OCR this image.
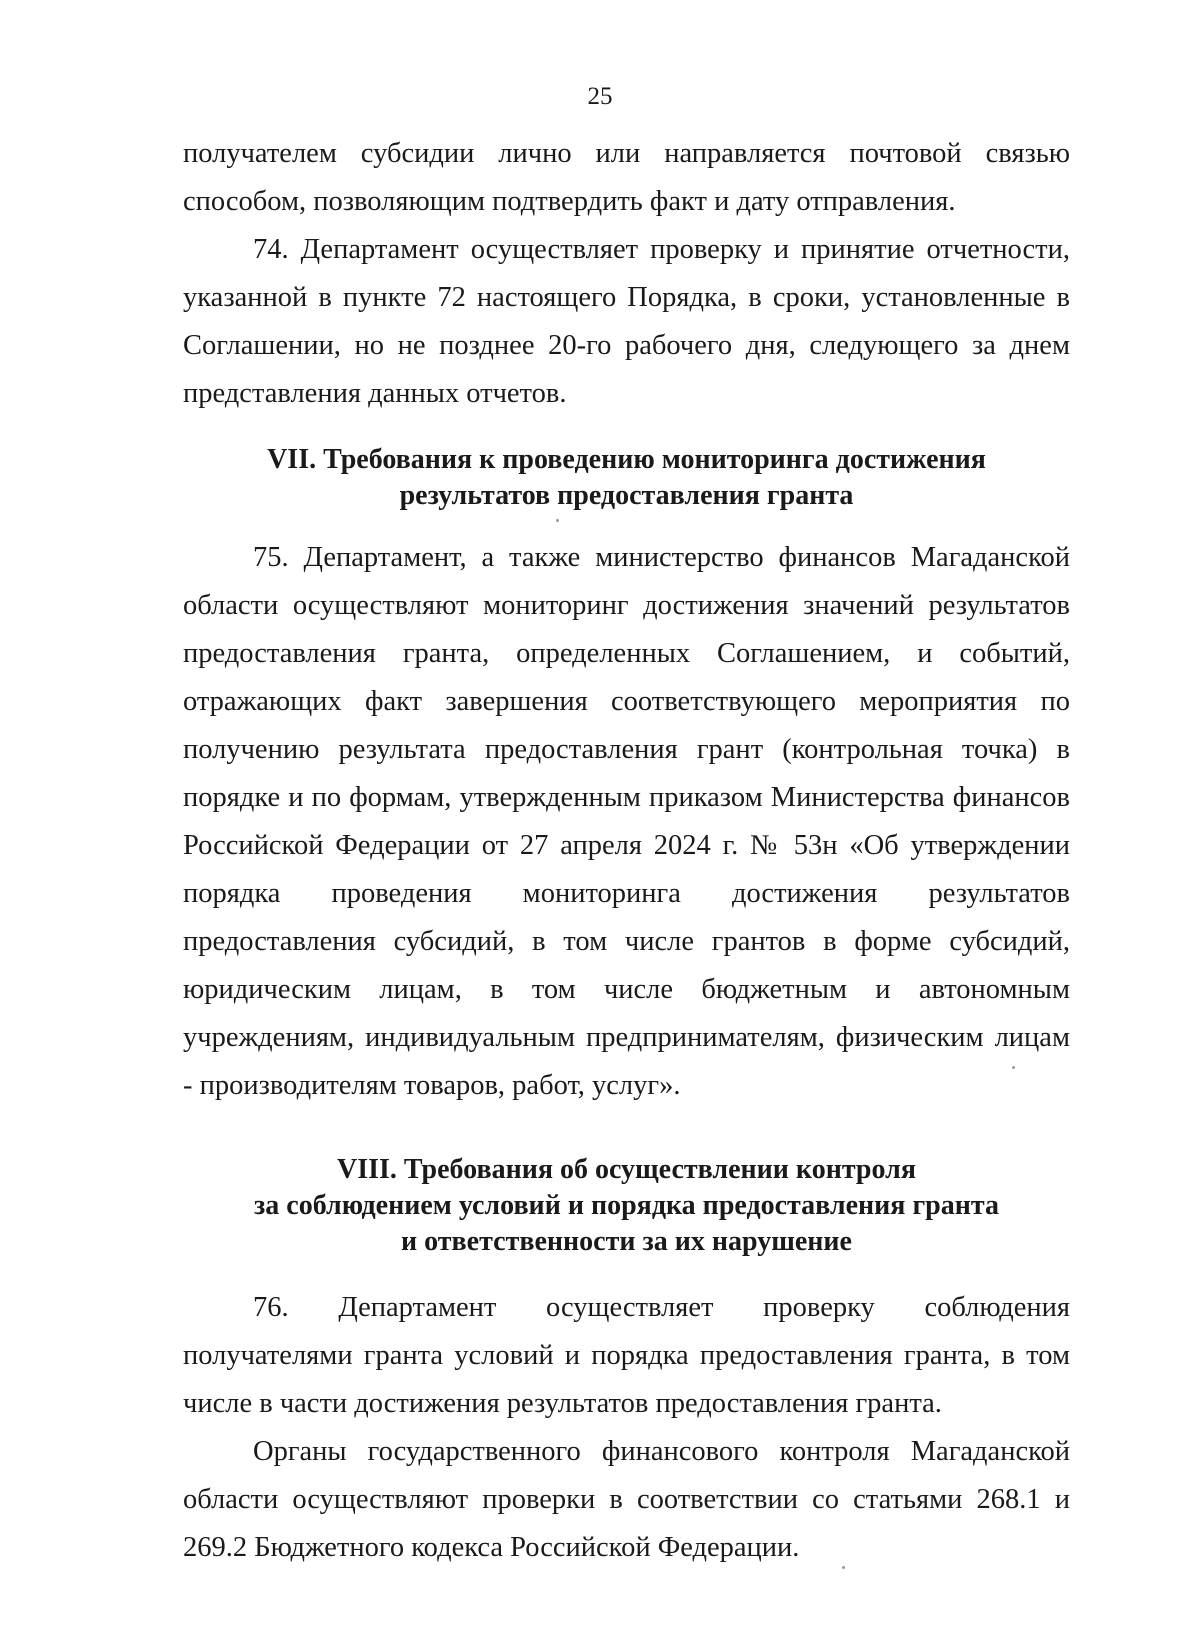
25

получателем субсидии лично или направляется почтовой связью способом, позволяющим подтвердить факт и дату отправления.

74. Департамент осуществляет проверку и принятие отчетности, указанной в пункте 72 настоящего Порядка, в сроки, установленные в Соглашении, но не позднее 20-го рабочего дня, следующего за днем представления данных отчетов.

VII. Требования к проведению мониторинга достижения
результатов предоставления гранта

75. Департамент, а также министерство финансов Магаданской области осуществляют мониторинг достижения значений результатов предоставления гранта, определенных Соглашением, и событий, отражающих факт завершения соответствующего мероприятия по получению результата предоставления грант (контрольная точка) в порядке и по формам, утвержденным приказом Министерства финансов Российской Федерации от 27 апреля 2024 г. № 53н «Об утверждении порядка проведения мониторинга достижения результатов предоставления субсидий, в том числе грантов в форме субсидий, юридическим лицам, в том числе бюджетным и автономным учреждениям, индивидуальным предпринимателям, физическим лицам - производителям товаров, работ, услуг».

VIII. Требования об осуществлении контроля
за соблюдением условий и порядка предоставления гранта
и ответственности за их нарушение

76. Департамент осуществляет проверку соблюдения получателями гранта условий и порядка предоставления гранта, в том числе в части достижения результатов предоставления гранта.

Органы государственного финансового контроля Магаданской области осуществляют проверки в соответствии со статьями 268.1 и 269.2 Бюджетного кодекса Российской Федерации.
